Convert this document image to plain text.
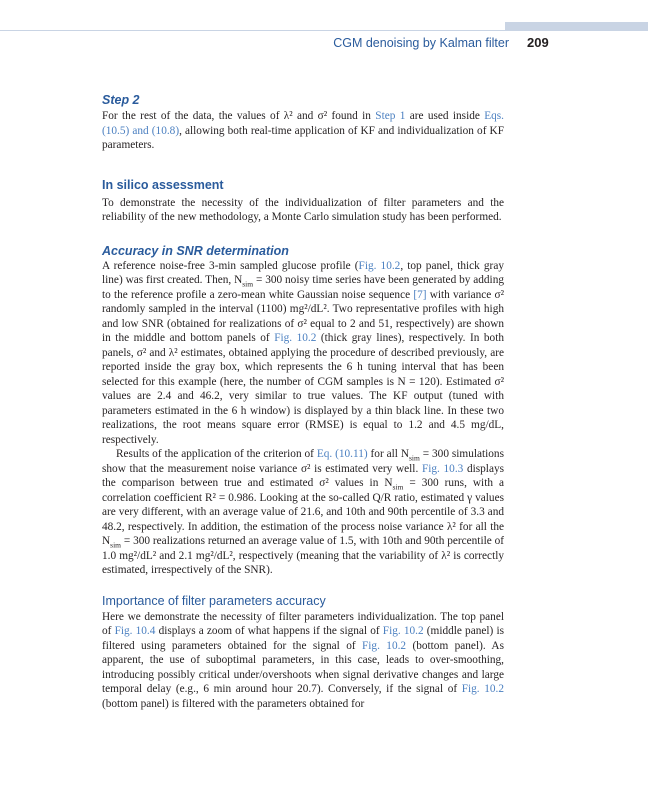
CGM denoising by Kalman filter 209
Step 2

For the rest of the data, the values of λ² and σ² found in Step 1 are used inside Eqs. (10.5) and (10.8), allowing both real-time application of KF and individualization of KF parameters.

In silico assessment

To demonstrate the necessity of the individualization of filter parameters and the reliability of the new methodology, a Monte Carlo simulation study has been performed.

Accuracy in SNR determination

A reference noise-free 3-min sampled glucose profile (Fig. 10.2, top panel, thick gray line) was first created. Then, $N_{sim} = 300$ noisy time series have been generated by adding to the reference profile a zero-mean white Gaussian noise sequence [7] with variance σ² randomly sampled in the interval (1100) mg²/dL². Two representative profiles with high and low SNR (obtained for realizations of σ² equal to 2 and 51, respectively) are shown in the middle and bottom panels of Fig. 10.2 (thick gray lines), respectively. In both panels, σ² and λ² estimates, obtained applying the procedure of described previously, are reported inside the gray box, which represents the 6 h tuning interval that has been selected for this example (here, the number of CGM samples is N = 120). Estimated σ² values are 2.4 and 46.2, very similar to true values. The KF output (tuned with parameters estimated in the 6 h window) is displayed by a thin black line. In these two realizations, the root means square error (RMSE) is equal to 1.2 and 4.5 mg/dL, respectively.

Results of the application of the criterion of Eq. (10.11) for all $N_{sim} = 300$ simulations show that the measurement noise variance σ² is estimated very well. Fig. 10.3 displays the comparison between true and estimated σ² values in $N_{sim} = 300$ runs, with a correlation coefficient R² = 0.986. Looking at the so-called Q/R ratio, estimated γ values are very different, with an average value of 21.6, and 10th and 90th percentile of 3.3 and 48.2, respectively. In addition, the estimation of the process noise variance λ² for all the $N_{sim} = 300$ realizations returned an average value of 1.5, with 10th and 90th percentile of 1.0 mg²/dL² and 2.1 mg²/dL², respectively (meaning that the variability of λ² is correctly estimated, irrespectively of the SNR).

Importance of filter parameters accuracy

Here we demonstrate the necessity of filter parameters individualization. The top panel of Fig. 10.4 displays a zoom of what happens if the signal of Fig. 10.2 (middle panel) is filtered using parameters obtained for the signal of Fig. 10.2 (bottom panel). As apparent, the use of suboptimal parameters, in this case, leads to over-smoothing, introducing possibly critical under/overshoots when signal derivative changes and large temporal delay (e.g., 6 min around hour 20.7). Conversely, if the signal of Fig. 10.2 (bottom panel) is filtered with the parameters obtained for
